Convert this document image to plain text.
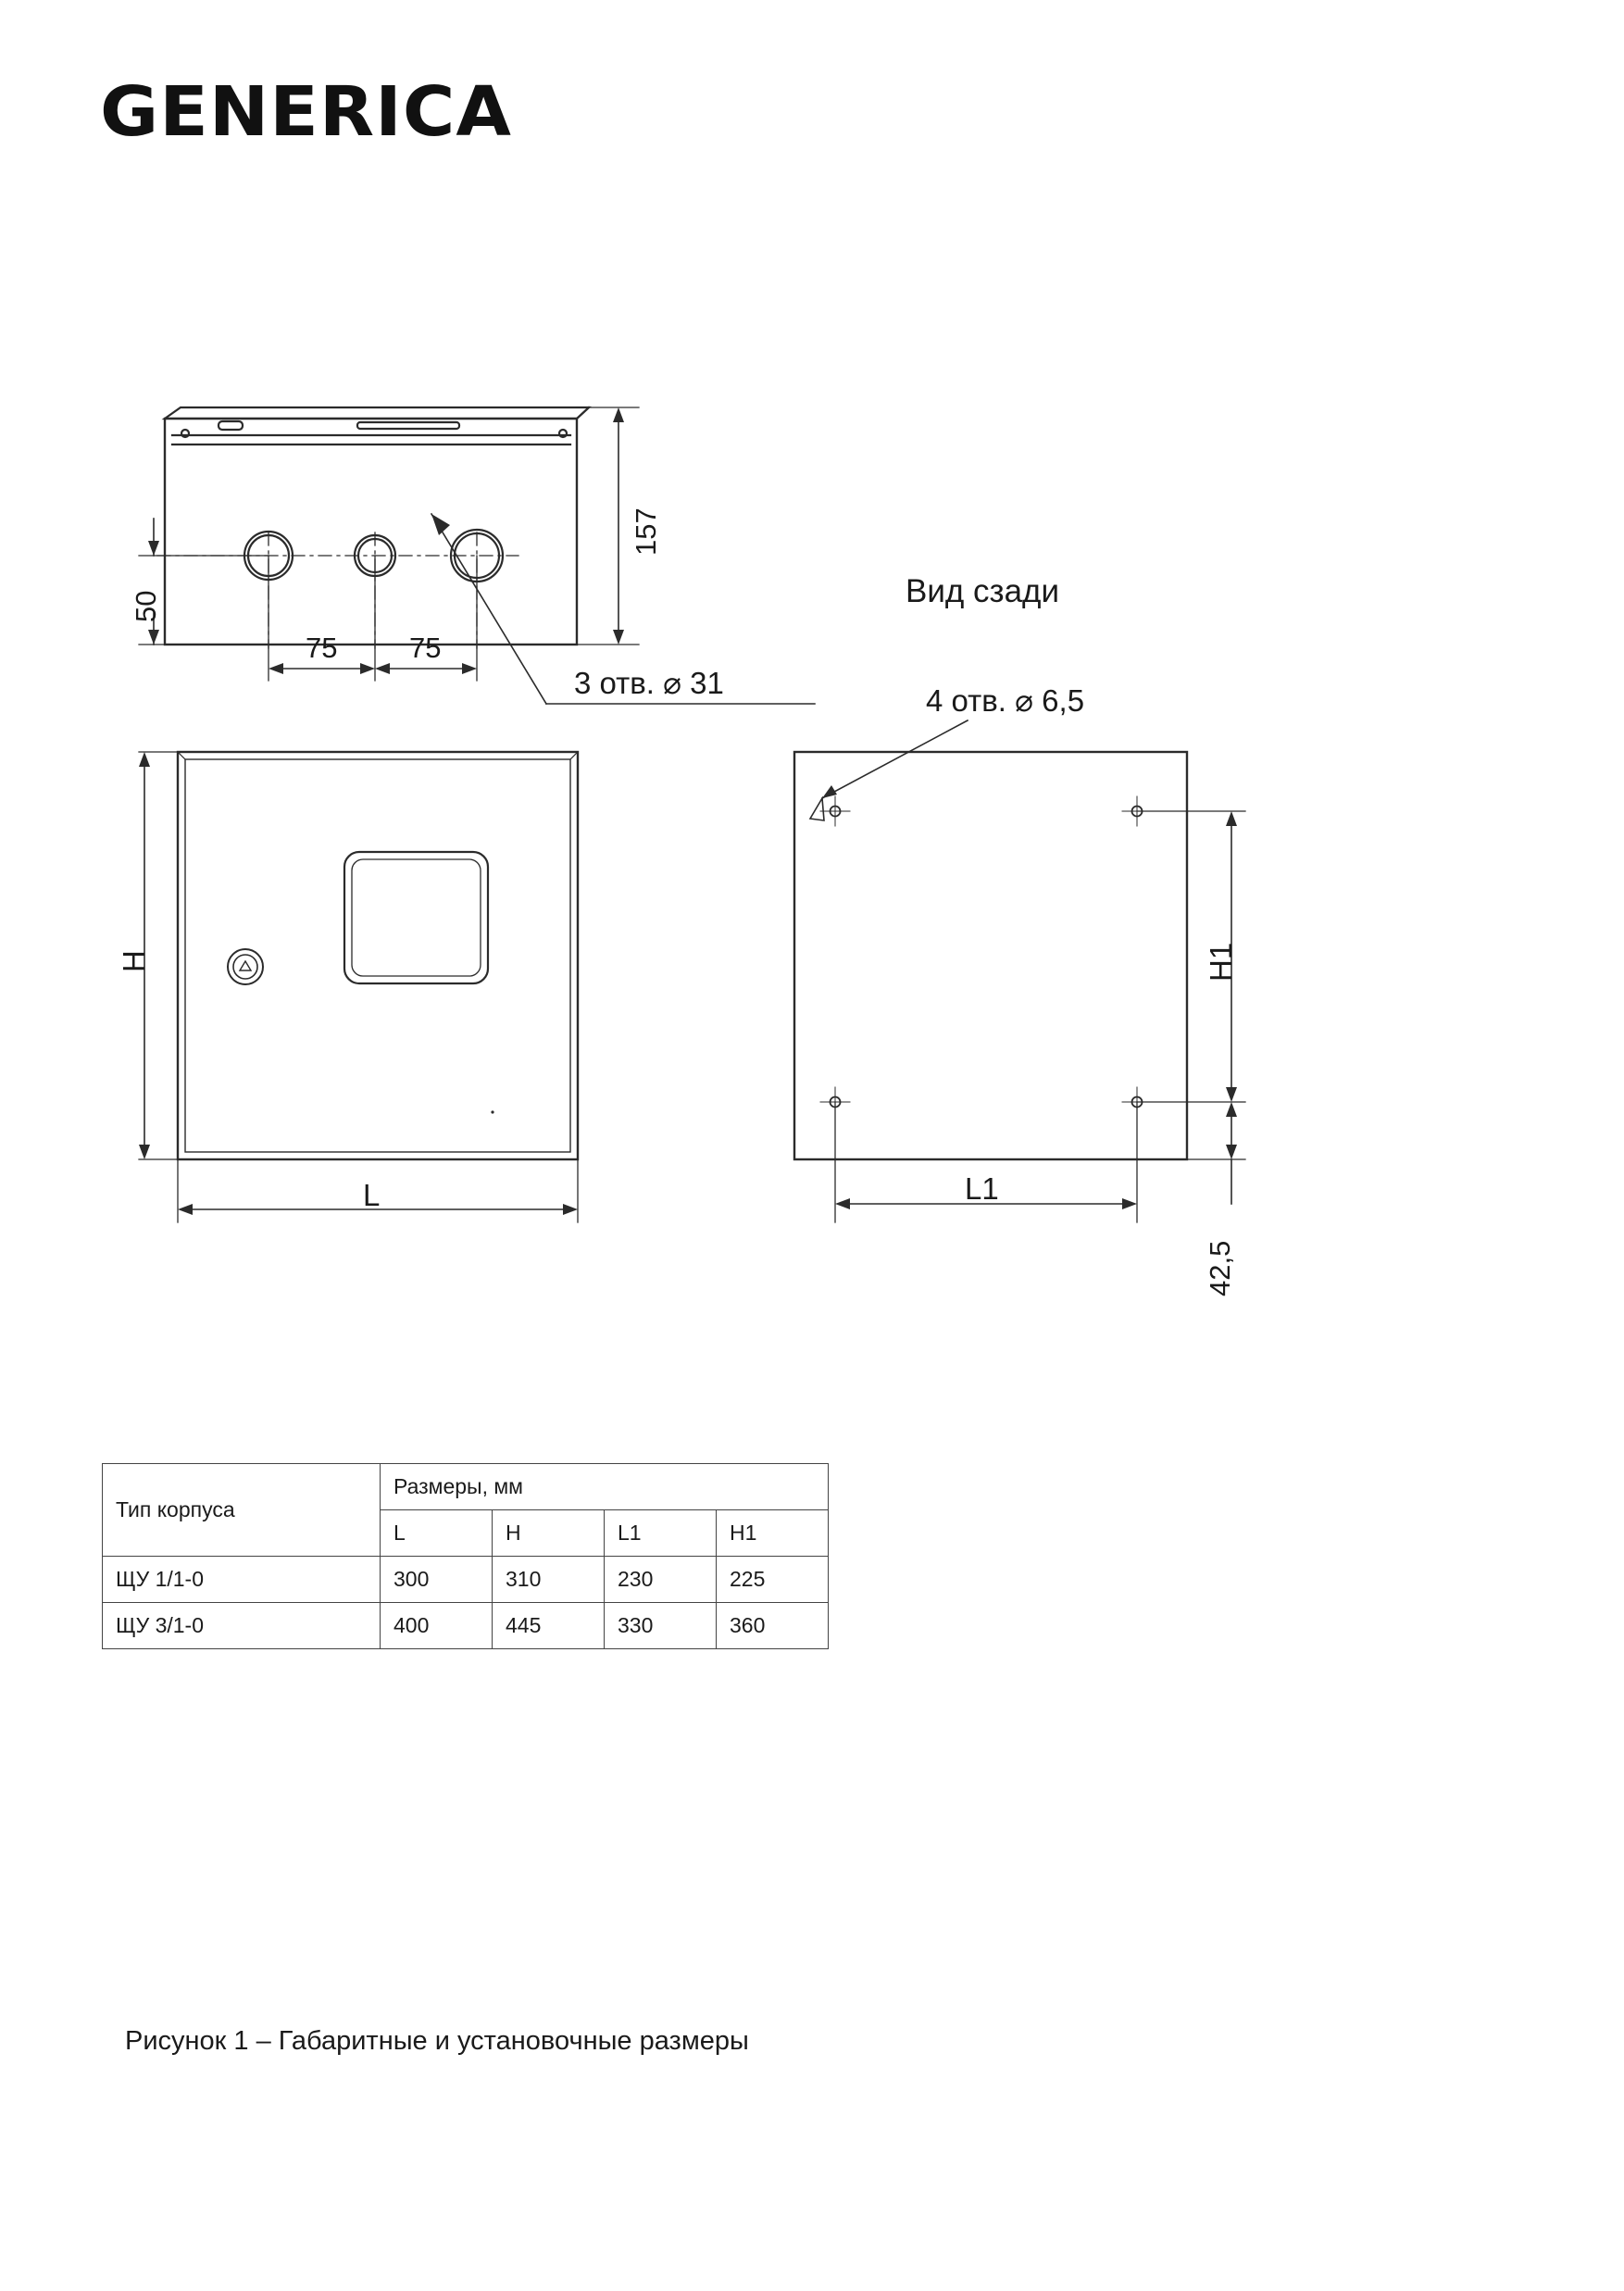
GENERICA
157
50
75	75
3 отв. ⌀ 31
H
L
Вид сзади
4 отв. ⌀ 6,5
H1
L1
42,5
Тип корпуса	Размеры, мм			
	L	H	L1	H1
ЩУ 1/1-0	300	310	230	225
ЩУ 3/1-0	400	445	330	360
Рисунок 1 – Габаритные и установочные размеры
